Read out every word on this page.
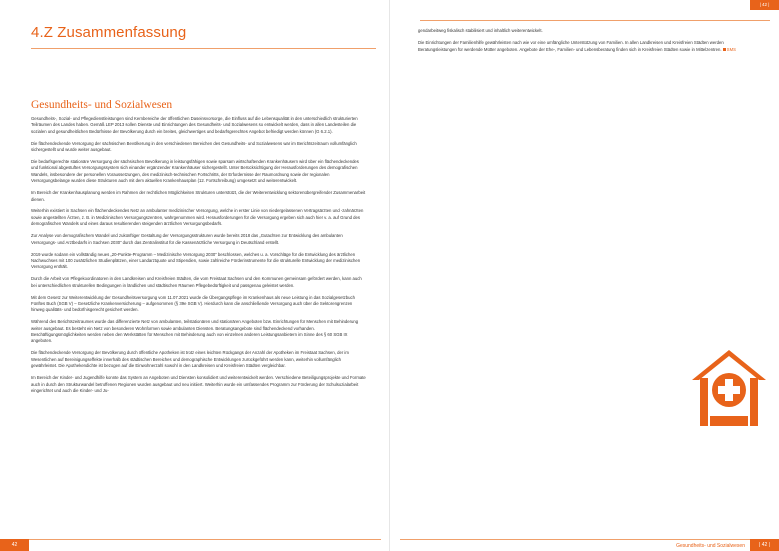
4.Z Zusammenfassung
Gesundheits- und Sozialwesen

Gesundheits-, Sozial- und Pflegedienstleistungen sind Kernbereiche der öffentlichen Daseinsvorsorge, die Einfluss auf die Lebensqualität in den unterschiedlich strukturierten Teilräumen des Landes haben. Gemäß LEP 2013 sollen Dienste und Einrichtungen des Gesundheits- und Sozialwesens so entwickelt werden, dass in allen Landesteilen die sozialen und gesundheitlichen Bedürfnisse der Bevölkerung durch ein breites, gleichwertiges und bedarfsgerechtes Angebot befriedigt werden können (G 6.2.1).

Die flächendeckende Versorgung der sächsischen Bevölkerung in den verschiedenen Bereichen des Gesundheits- und Sozialwesens war im Berichtszeitraum vollumfänglich sichergestellt und wurde weiter ausgebaut.

Die bedarfsgerechte stationäre Versorgung der sächsischen Bevölkerung in leistungsfähigen sowie sparsam wirtschaftenden Krankenhäusern wird über ein flächendeckendes und funktional abgestuftes Versorgungssystem sich einander ergänzender Krankenhäuser sichergestellt. Unter Berücksichtigung der Herausforderungen des demografischen Wandels, insbesondere der personellen Voraussetzungen, des medizinisch-technischen Fortschritts, der Erfordernisse der Raumordnung sowie der regionalen Versorgungsbelange wurden diese Strukturen auch mit dem aktuellen Krankenhausplan (12. Fortschreibung) umgesetzt und weiterentwickelt.

Im Bereich der Krankenhausplanung werden im Rahmen der rechtlichen Möglichkeiten Strukturen unterstützt, die der Weiterentwicklung sektorenübergreifender Zusammenarbeit dienen.

Weiterhin existiert in Sachsen ein flächendeckendes Netz an ambulanter medizinischer Versorgung, welche in erster Linie von niedergelassenen Vertragsärzten und -zahnärzten sowie angestellten Ärzten, z. B. in Medizinischen Versorgungszentren, wahrgenommen wird. Herausforderungen für die Versorgung ergeben sich auch hier v. a. auf Grund des demografischen Wandels und eines daraus resultierenden steigenden ärztlichen Versorgungsbedarfs.

Zur Analyse von demografischem Wandel und zukünftiger Gestaltung der Versorgungsstrukturen wurde bereits 2018 das „Gutachten zur Entwicklung des ambulanten Versorgungs- und Arztbedarfs in Sachsen 2030“ durch das Zentralinstitut für die Kassenärztliche Versorgung in Deutschland erstellt.

2019 wurde sodann ein vollständig neues „20-Punkte-Programm – Medizinische Versorgung 2030“ beschlossen, welches u. a. Vorschläge für die Entwicklung des ärztlichen Nachwuchses mit 100 zusätzlichen Studienplätzen, einer Landarztquote und Stipendien, sowie zahlreiche Förderinstrumente für die strukturelle Entwicklung der medizinischen Versorgung enthält.

Durch die Arbeit von Pflegekoordinatoren in den Landkreisen und Kreisfreien Städten, die vom Freistaat Sachsen und den Kommunen gemeinsam gefördert werden, kann auch bei unterschiedlichen strukturellen Bedingungen in ländlichen und städtischen Räumen Pflegebedürftigkeit und passgenau geleistet werden.

Mit dem Gesetz zur Weiterentwicklung der Gesundheitsversorgung vom 11.07.2021 wurde die Übergangspflege im Krankenhaus als neue Leistung in das Sozialgesetzbuch Fünftes Buch (SGB V) – Gesetzliche Krankenversicherung – aufgenommen (§ 39e SGB V). Hierdurch kann die anschließende Versorgung auch über die Sektorengrenzen hinweg qualitäts- und bedürfnisgerecht gesichert werden.

Während des Berichtszeitraumes wurde das differenzierte Netz von ambulanten, teilstationären und stationären Angeboten bzw. Einrichtungen für Menschen mit Behinderung weiter ausgebaut. Es besteht ein Netz von besonderen Wohnformen sowie ambulanten Diensten. Beratungsangebote sind flächendeckend vorhanden. Beschäftigungsmöglichkeiten werden neben den Werkstätten für Menschen mit Behinderung auch von einzelnen anderen Leistungsanbietern im Sinne des § 60 SGB IX angeboten.

Die flächendeckende Versorgung der Bevölkerung durch öffentliche Apotheken ist trotz eines leichten Rückgangs der Anzahl der Apotheken im Freistaat Sachsen, der im Wesentlichen auf Bereinigungseffekte innerhalb des städtischen Bereiches und demographische Entwicklungen zurückgeführt werden kann, weiterhin vollumfänglich gewährleistet. Die Apothekendichte ist bezogen auf die Einwohnerzahl sowohl in den Landkreisen und Kreisfreien Städten vergleichbar.

Im Bereich der Kinder- und Jugendhilfe konnte das System an Angeboten und Diensten konsolidiert und weiterentwickelt werden. Verschiedene Beteiligungsprojekte und Formate auch in durch den Strukturwandel betroffenen Regionen wurden ausgebaut und neu initiiert. Weiterhin wurde ein umfassendes Programm zur Förderung der Schulsozialarbeit eingerichtet und auch die Kinder- und Ju-

42
| 42 |

gendarbeitweg fiskalisch stabilisiert und inhaltlich weiterentwickelt.

Die Einrichtungen der Familienhilfe gewährleisten nach wie vor eine umfängliche Unterstützung von Familien. In allen Landkreisen und Kreisfreien Städten werden Beratungsleistungen für werdende Mütter angeboten. Angebote der Ehe-, Familien- und Lebensberatung finden sich in Kreisfreien Städten sowie in Mittelzentren. SMS

Gesundheits- und Sozialwesen	| 42 |
